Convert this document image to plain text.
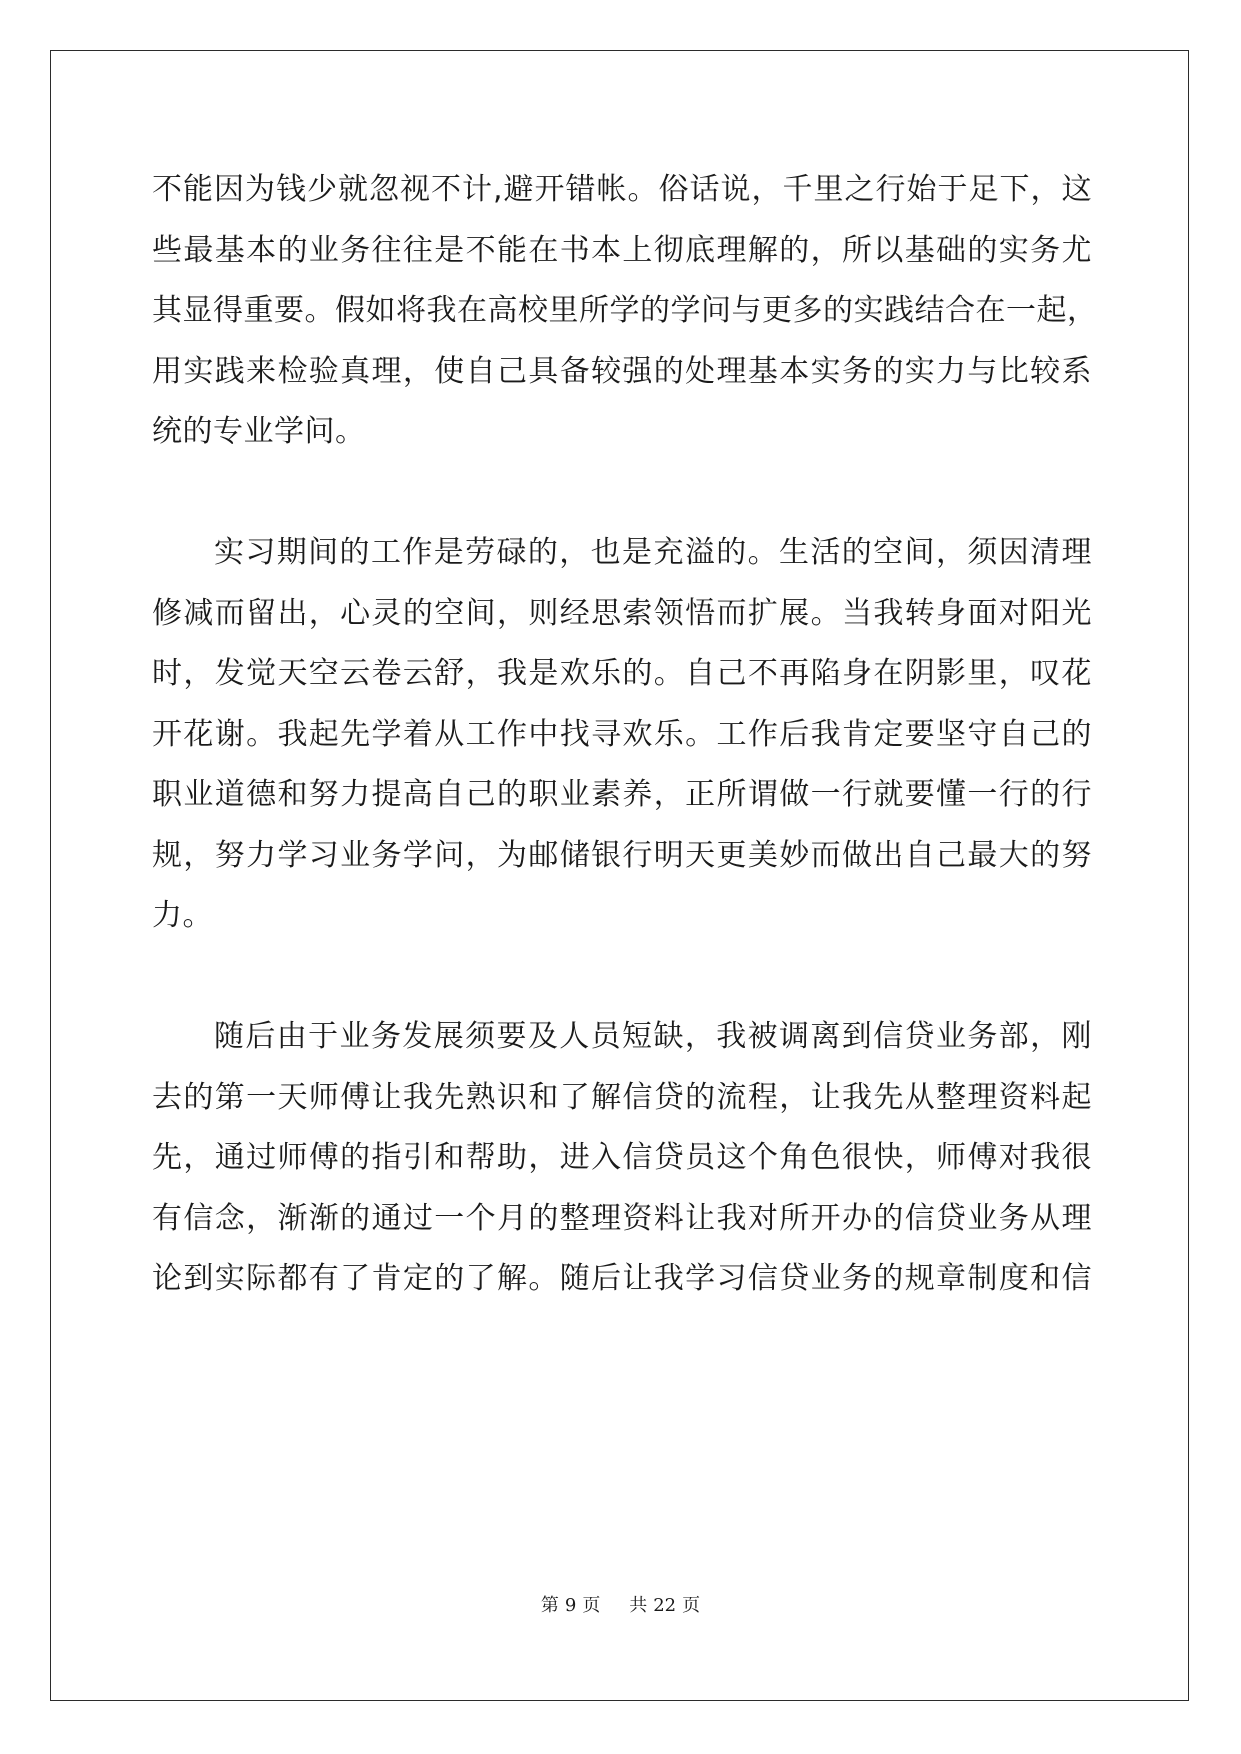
不能因为钱少就忽视不计,避开错帐。俗话说，千里之行始于足下，这
些最基本的业务往往是不能在书本上彻底理解的，所以基础的实务尤
其显得重要。假如将我在高校里所学的学问与更多的实践结合在一起，
用实践来检验真理，使自己具备较强的处理基本实务的实力与比较系
统的专业学问。
实习期间的工作是劳碌的，也是充溢的。生活的空间，须因清理
修减而留出，心灵的空间，则经思索领悟而扩展。当我转身面对阳光
时，发觉天空云卷云舒，我是欢乐的。自己不再陷身在阴影里，叹花
开花谢。我起先学着从工作中找寻欢乐。工作后我肯定要坚守自己的
职业道德和努力提高自己的职业素养，正所谓做一行就要懂一行的行
规，努力学习业务学问，为邮储银行明天更美妙而做出自己最大的努
力。
随后由于业务发展须要及人员短缺，我被调离到信贷业务部，刚
去的第一天师傅让我先熟识和了解信贷的流程，让我先从整理资料起
先，通过师傅的指引和帮助，进入信贷员这个角色很快，师傅对我很
有信念，渐渐的通过一个月的整理资料让我对所开办的信贷业务从理
论到实际都有了肯定的了解。随后让我学习信贷业务的规章制度和信
第 9 页 共 22 页
